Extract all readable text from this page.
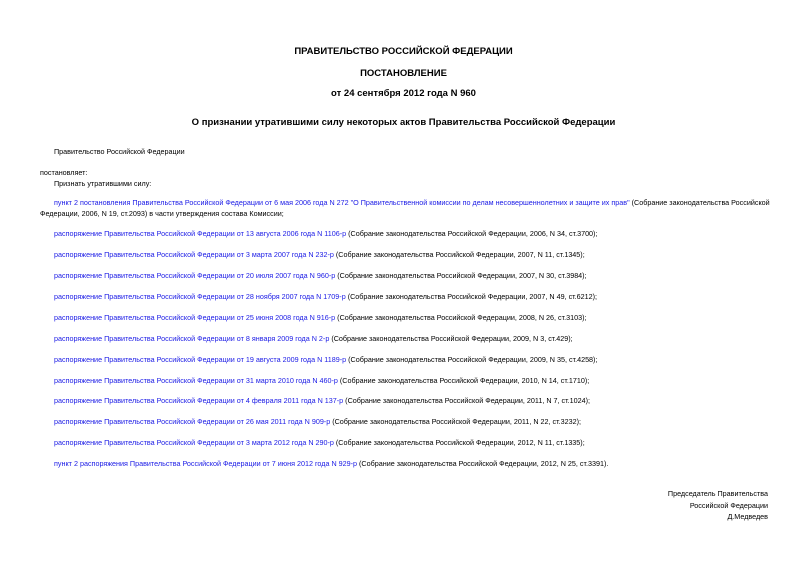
ПРАВИТЕЛЬСТВО РОССИЙСКОЙ ФЕДЕРАЦИИ
ПОСТАНОВЛЕНИЕ
от 24 сентября 2012 года N 960
О признании утратившими силу некоторых актов Правительства Российской Федерации
Правительство Российской Федерации
постановляет:
Признать утратившими силу:
пункт 2 постановления Правительства Российской Федерации от 6 мая 2006 года N 272 "О Правительственной комиссии по делам несовершеннолетних и защите их прав" (Собрание законодательства Российской
Федерации, 2006, N 19, ст.2093) в части утверждения состава Комиссии;
распоряжение Правительства Российской Федерации от 13 августа 2006 года N 1106-р (Собрание законодательства Российской Федерации, 2006, N 34, ст.3700);
распоряжение Правительства Российской Федерации от 3 марта 2007 года N 232-р (Собрание законодательства Российской Федерации, 2007, N 11, ст.1345);
распоряжение Правительства Российской Федерации от 20 июля 2007 года N 960-р (Собрание законодательства Российской Федерации, 2007, N 30, ст.3984);
распоряжение Правительства Российской Федерации от 28 ноября 2007 года N 1709-р (Собрание законодательства Российской Федерации, 2007, N 49, ст.6212);
распоряжение Правительства Российской Федерации от 25 июня 2008 года N 916-р (Собрание законодательства Российской Федерации, 2008, N 26, ст.3103);
распоряжение Правительства Российской Федерации от 8 января 2009 года N 2-р (Собрание законодательства Российской Федерации, 2009, N 3, ст.429);
распоряжение Правительства Российской Федерации от 19 августа 2009 года N 1189-р (Собрание законодательства Российской Федерации, 2009, N 35, ст.4258);
распоряжение Правительства Российской Федерации от 31 марта 2010 года N 460-р (Собрание законодательства Российской Федерации, 2010, N 14, ст.1710);
распоряжение Правительства Российской Федерации от 4 февраля 2011 года N 137-р (Собрание законодательства Российской Федерации, 2011, N 7, ст.1024);
распоряжение Правительства Российской Федерации от 26 мая 2011 года N 909-р (Собрание законодательства Российской Федерации, 2011, N 22, ст.3232);
распоряжение Правительства Российской Федерации от 3 марта 2012 года N 290-р (Собрание законодательства Российской Федерации, 2012, N 11, ст.1335);
пункт 2 распоряжения Правительства Российской Федерации от 7 июня 2012 года N 929-р (Собрание законодательства Российской Федерации, 2012, N 25, ст.3391).
Председатель Правительства
Российской Федерации
Д.Медведев
